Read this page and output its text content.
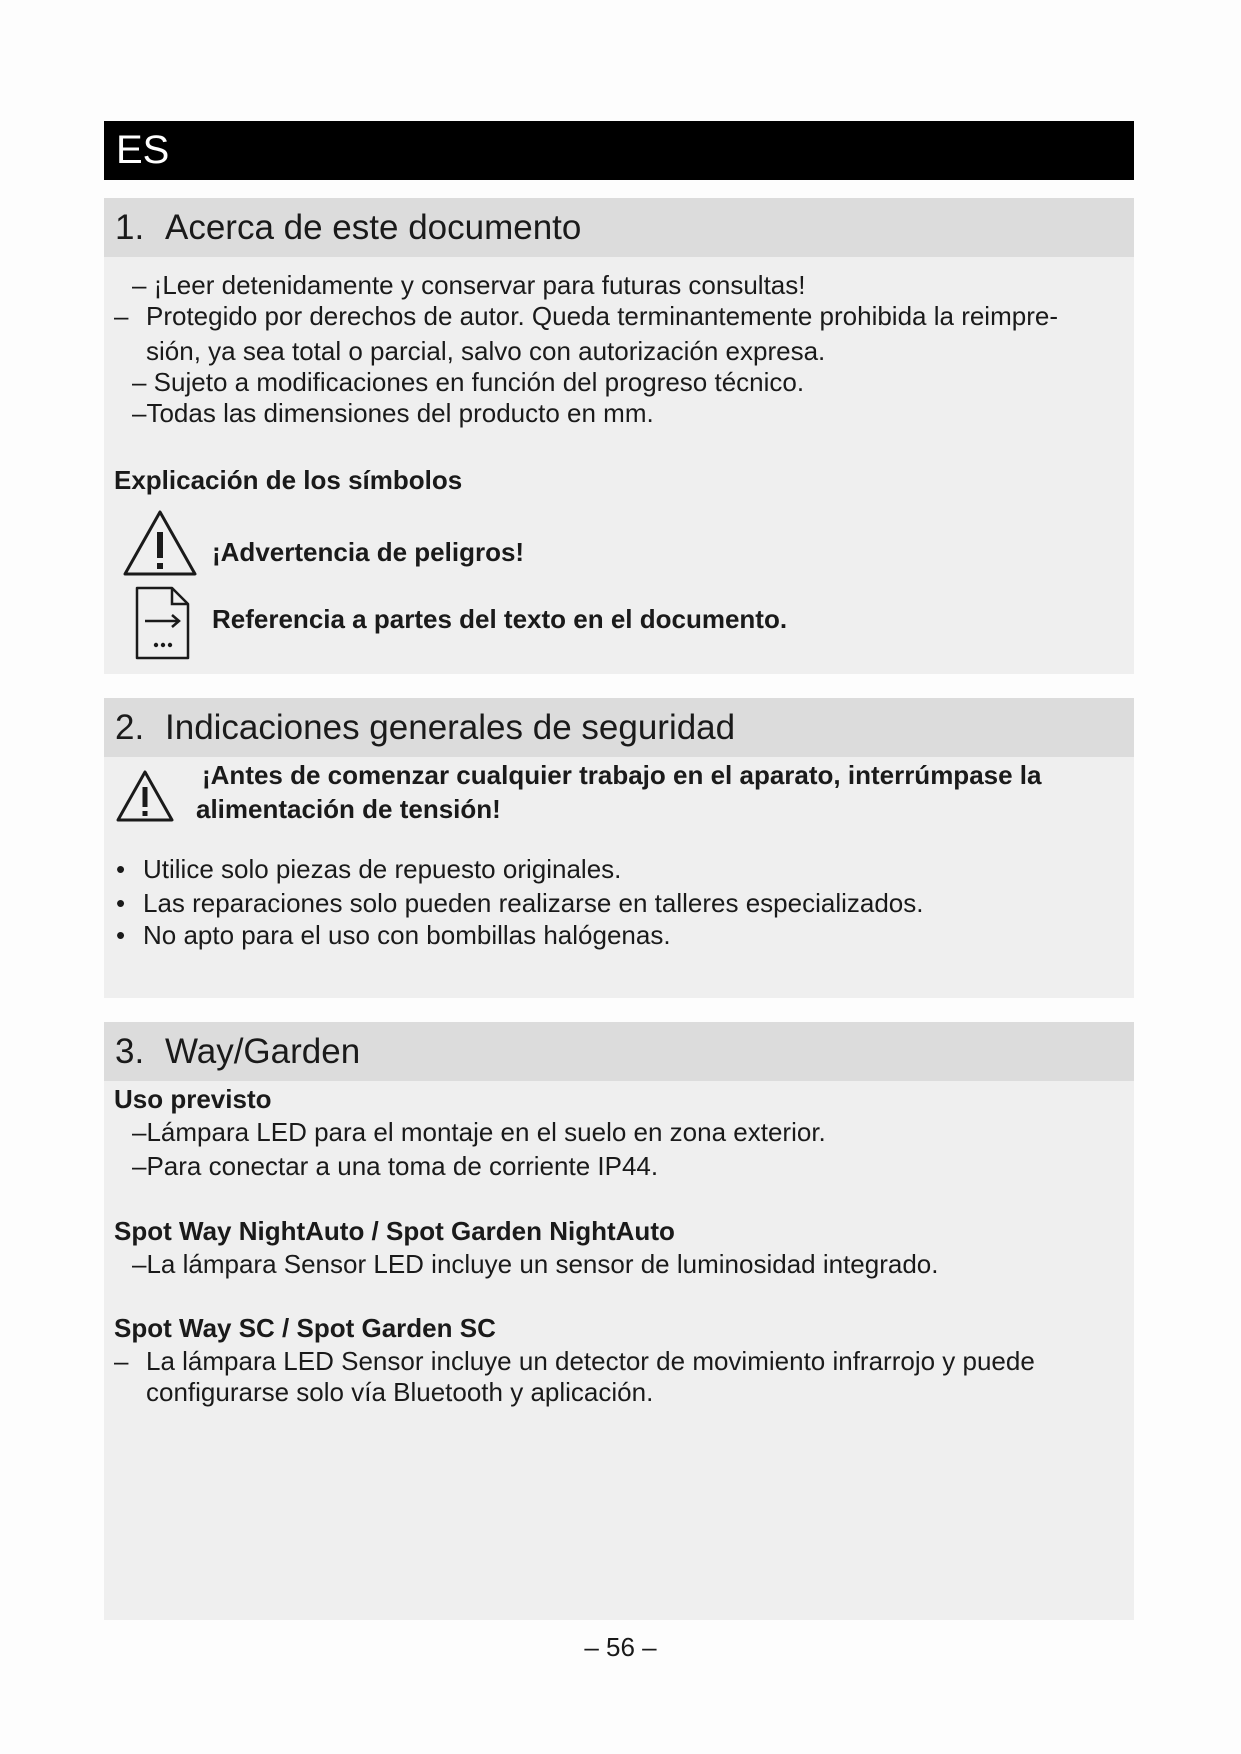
ES
1. Acerca de este documento
– ¡Leer detenidamente y conservar para futuras consultas!
– Protegido por derechos de autor. Queda terminantemente prohibida la reimpre-
sión, ya sea total o parcial, salvo con autorización expresa.
– Sujeto a modificaciones en función del progreso técnico.
–Todas las dimensiones del producto en mm.
Explicación de los símbolos
¡Advertencia de peligros!
Referencia a partes del texto en el documento.
2. Indicaciones generales de seguridad
¡Antes de comenzar cualquier trabajo en el aparato, interrúmpase la
alimentación de tensión!
• Utilice solo piezas de repuesto originales.
• Las reparaciones solo pueden realizarse en talleres especializados.
• No apto para el uso con bombillas halógenas.
3. Way/Garden
Uso previsto
–Lámpara LED para el montaje en el suelo en zona exterior.
–Para conectar a una toma de corriente IP44.
Spot Way NightAuto / Spot Garden NightAuto
–La lámpara Sensor LED incluye un sensor de luminosidad integrado.
Spot Way SC / Spot Garden SC
– La lámpara LED Sensor incluye un detector de movimiento infrarrojo y puede
configurarse solo vía Bluetooth y aplicación.
– 56 –
